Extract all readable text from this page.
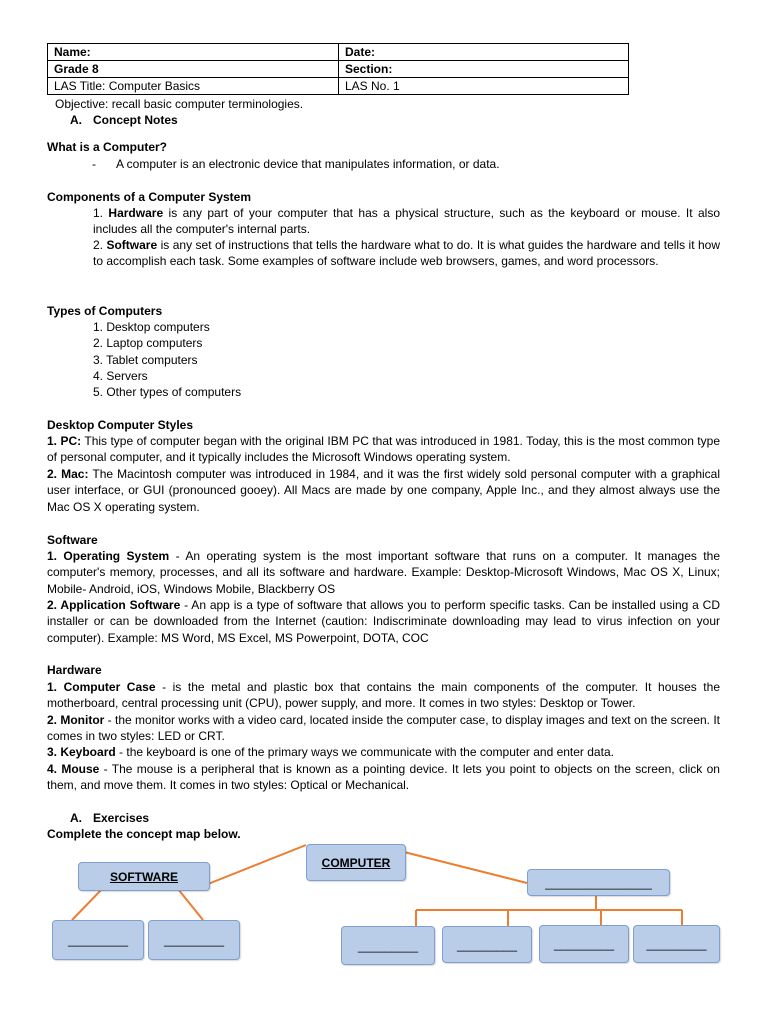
Name:	Date:
Grade 8	Section:
LAS Title: Computer Basics	LAS No. 1
Objective: recall basic computer terminologies.
A. Concept Notes
What is a Computer?
- A computer is an electronic device that manipulates information, or data.
Components of a Computer System
1. Hardware is any part of your computer that has a physical structure, such as the keyboard or mouse. It also includes all the computer's internal parts.
2. Software is any set of instructions that tells the hardware what to do. It is what guides the hardware and tells it how to accomplish each task. Some examples of software include web browsers, games, and word processors.
Types of Computers
1. Desktop computers
2. Laptop computers
3. Tablet computers
4. Servers
5. Other types of computers
Desktop Computer Styles
1. PC: This type of computer began with the original IBM PC that was introduced in 1981. Today, this is the most common type of personal computer, and it typically includes the Microsoft Windows operating system.
2. Mac: The Macintosh computer was introduced in 1984, and it was the first widely sold personal computer with a graphical user interface, or GUI (pronounced gooey). All Macs are made by one company, Apple Inc., and they almost always use the Mac OS X operating system.
Software
1. Operating System - An operating system is the most important software that runs on a computer. It manages the computer's memory, processes, and all its software and hardware. Example: Desktop-Microsoft Windows, Mac OS X, Linux; Mobile- Android, iOS, Windows Mobile, Blackberry OS
2. Application Software - An app is a type of software that allows you to perform specific tasks. Can be installed using a CD installer or can be downloaded from the Internet (caution: Indiscriminate downloading may lead to virus infection on your computer). Example: MS Word, MS Excel, MS Powerpoint, DOTA, COC
Hardware
1. Computer Case - is the metal and plastic box that contains the main components of the computer. It houses the motherboard, central processing unit (CPU), power supply, and more. It comes in two styles: Desktop or Tower.
2. Monitor - the monitor works with a video card, located inside the computer case, to display images and text on the screen. It comes in two styles: LED or CRT.
3. Keyboard - the keyboard is one of the primary ways we communicate with the computer and enter data.
4. Mouse - The mouse is a peripheral that is known as a pointing device. It lets you point to objects on the screen, click on them, and move them. It comes in two styles: Optical or Mechanical.
A. Exercises
Complete the concept map below.
COMPUTER
SOFTWARE	________________
_________	_________	_________	_________	_________	_________
